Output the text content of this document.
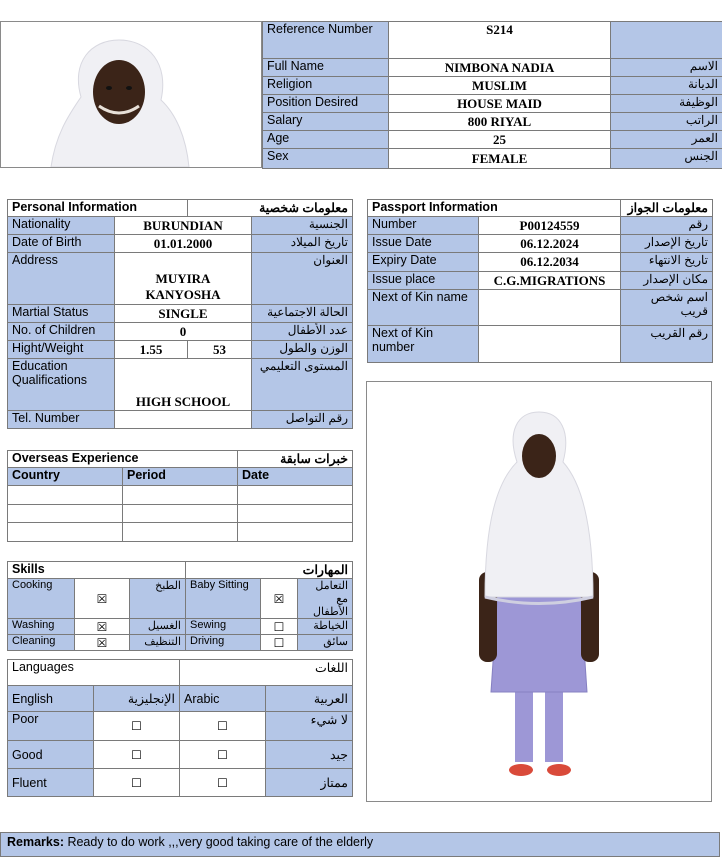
Reference Number	S214	
Full Name	NIMBONA NADIA	الاسم
Religion	MUSLIM	الديانة
Position Desired	HOUSE MAID	الوظيفة
Salary	800 RIYAL	الراتب
Age	25	العمر
Sex	FEMALE	الجنس
Personal Information		معلومات شخصية	
Nationality	BURUNDIAN		الجنسية
Date of Birth	01.01.2000		تاريخ الميلاد
Address	MUYIRA KANYOSHA		العنوان
Martial Status	SINGLE		الحالة الاجتماعية
No. of Children	0		عدد الأطفال
Hight/Weight	1.55	53	الوزن والطول
Education Qualifications	HIGH SCHOOL		المستوى التعليمي
Tel. Number			رقم التواصل
Passport Information		معلومات الجواز
Number	P00124559	رقم
Issue Date	06.12.2024	تاريخ الإصدار
Expiry Date	06.12.2034	تاريخ الانتهاء
Issue place	C.G.MIGRATIONS	مكان الإصدار
Next of Kin name		اسم شخص قريب
Next of Kin number		رقم القريب
Overseas Experience		خبرات سابقة
Country	Period	Date

Skills			المهارات		
Cooking	☒	الطبخ	Baby Sitting	☒	التعامل مع الأطفال
Washing	☒	الغسيل	Sewing	☐	الخياطة
Cleaning	☒	التنظيف	Driving	☐	سائق
Languages		اللغات	
English	الإنجليزية	Arabic	العربية
Poor	☐	☐	لا شيء
Good	☐	☐	جيد
Fluent	☐	☐	ممتاز
Remarks: Ready to do work ,,,very good taking care of the elderly
